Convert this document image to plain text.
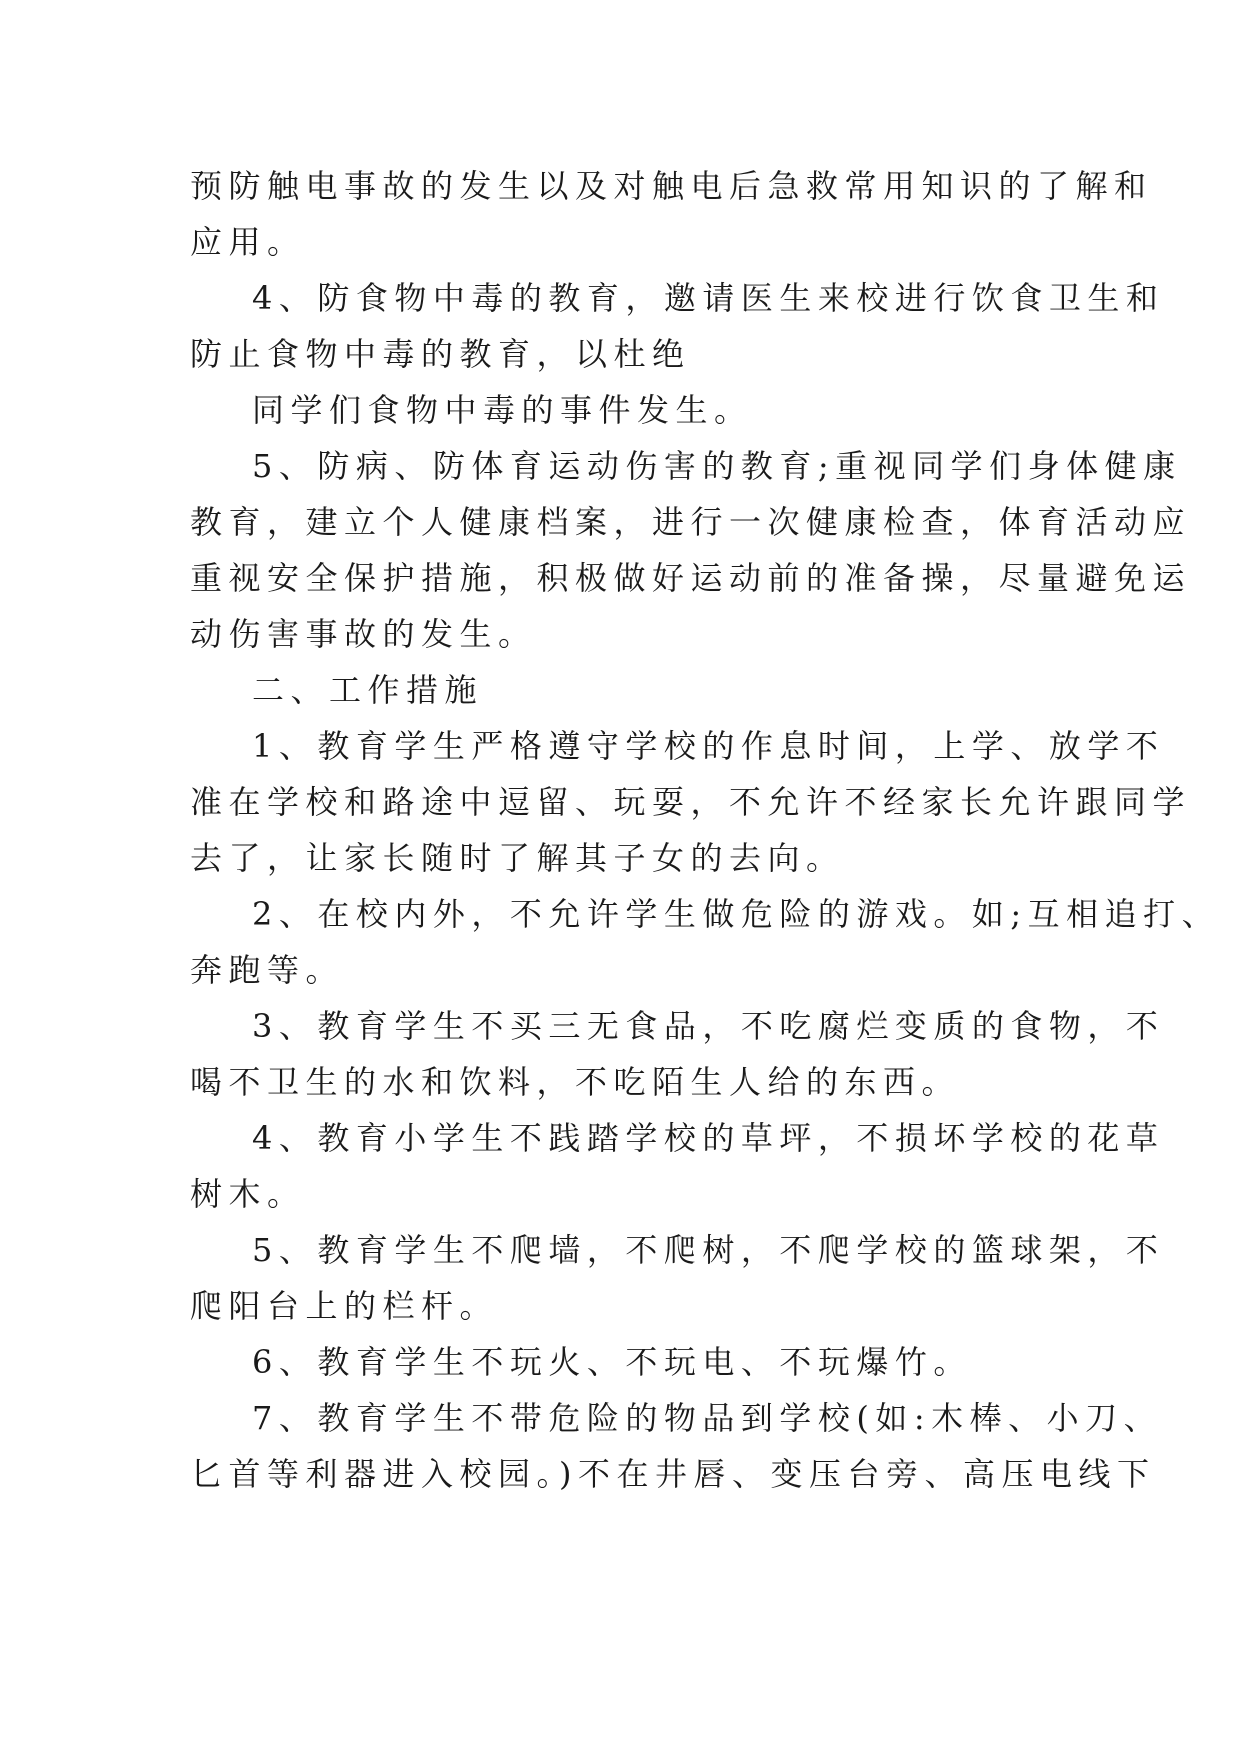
预防触电事故的发生以及对触电后急救常用知识的了解和
应用。
4、防食物中毒的教育，邀请医生来校进行饮食卫生和
防止食物中毒的教育，以杜绝
同学们食物中毒的事件发生。
5、防病、防体育运动伤害的教育;重视同学们身体健康
教育，建立个人健康档案，进行一次健康检查，体育活动应
重视安全保护措施，积极做好运动前的准备操，尽量避免运
动伤害事故的发生。
二、工作措施
1、教育学生严格遵守学校的作息时间，上学、放学不
准在学校和路途中逗留、玩耍，不允许不经家长允许跟同学
去了，让家长随时了解其子女的去向。
2、在校内外，不允许学生做危险的游戏。如;互相追打、
奔跑等。
3、教育学生不买三无食品，不吃腐烂变质的食物，不
喝不卫生的水和饮料，不吃陌生人给的东西。
4、教育小学生不践踏学校的草坪，不损坏学校的花草
树木。
5、教育学生不爬墙，不爬树，不爬学校的篮球架，不
爬阳台上的栏杆。
6、教育学生不玩火、不玩电、不玩爆竹。
7、教育学生不带危险的物品到学校(如:木棒、小刀、
匕首等利器进入校园。)不在井唇、变压台旁、高压电线下
